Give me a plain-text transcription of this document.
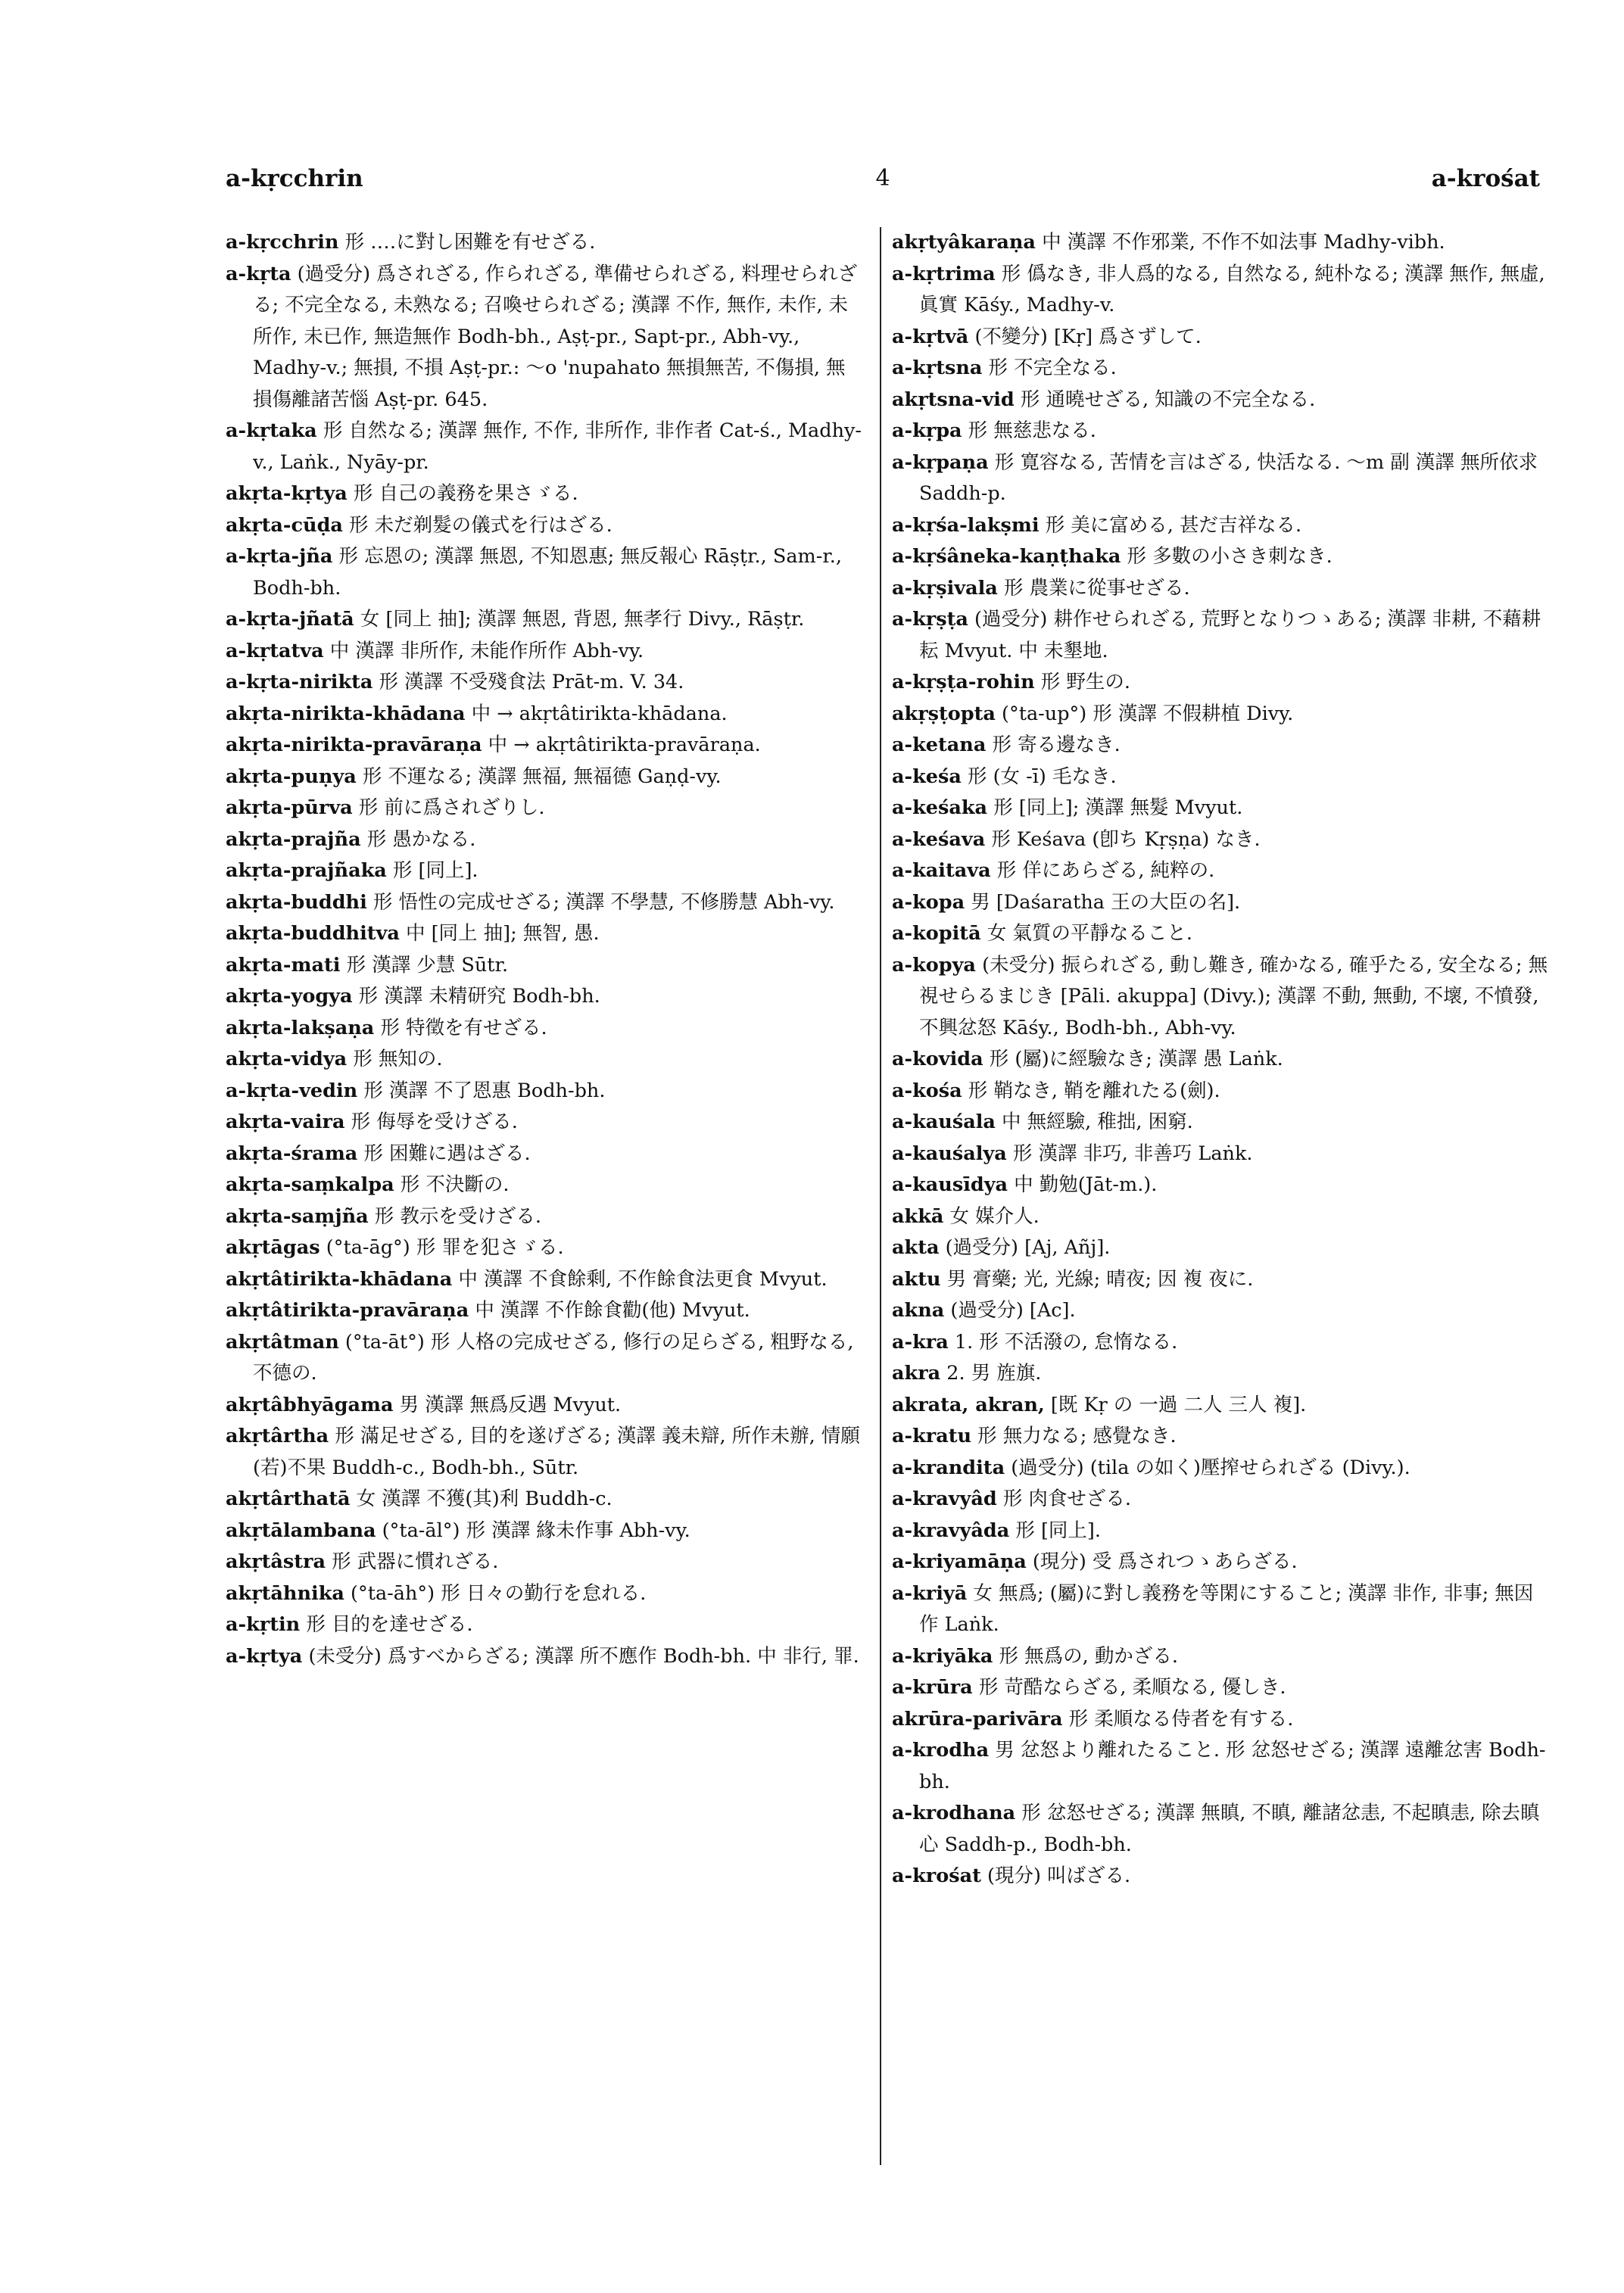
a-kṛcchrin	4	a-krośat
a-kṛcchrin 形 ‥‥に對し困難を有せざる.
a-kṛta (過受分) 爲されざる, 作られざる, 準備せられざる, 料理せられざる; 不完全なる, 未熟なる; 召喚せられざる; 漢譯 不作, 無作, 未作, 未所作, 未已作, 無造無作 Bodh-bh., Aṣṭ-pr., Sapt-pr., Abh-vy., Madhy-v.; 無損, 不損 Aṣṭ-pr.: ～o 'nupahato 無損無苦, 不傷損, 無損傷離諸苦惱 Aṣṭ-pr. 645.
a-kṛtaka 形 自然なる; 漢譯 無作, 不作, 非所作, 非作者 Cat-ś., Madhy-v., Laṅk., Nyāy-pr.
akṛta-kṛtya 形 自己の義務を果さゞる.
akṛta-cūḍa 形 未だ剃髮の儀式を行はざる.
a-kṛta-jña 形 忘恩の; 漢譯 無恩, 不知恩惠; 無反報心 Rāṣṭr., Sam-r., Bodh-bh.
a-kṛta-jñatā 女 [同上 抽]; 漢譯 無恩, 背恩, 無孝行 Divy., Rāṣṭr.
a-kṛtatva 中 漢譯 非所作, 未能作所作 Abh-vy.
a-kṛta-nirikta 形 漢譯 不受殘食法 Prāt-m. V. 34.
akṛta-nirikta-khādana 中 → akṛtâtirikta-khādana.
akṛta-nirikta-pravāraṇa 中 → akṛtâtirikta-pravāraṇa.
akṛta-puṇya 形 不運なる; 漢譯 無福, 無福德 Gaṇḍ-vy.
akṛta-pūrva 形 前に爲されざりし.
akṛta-prajña 形 愚かなる.
akṛta-prajñaka 形 [同上].
akṛta-buddhi 形 悟性の完成せざる; 漢譯 不學慧, 不修勝慧 Abh-vy.
akṛta-buddhitva 中 [同上 抽]; 無智, 愚.
akṛta-mati 形 漢譯 少慧 Sūtr.
akṛta-yogya 形 漢譯 未精研究 Bodh-bh.
akṛta-lakṣaṇa 形 特徵を有せざる.
akṛta-vidya 形 無知の.
a-kṛta-vedin 形 漢譯 不了恩惠 Bodh-bh.
akṛta-vaira 形 侮辱を受けざる.
akṛta-śrama 形 困難に遇はざる.
akṛta-saṃkalpa 形 不決斷の.
akṛta-saṃjña 形 教示を受けざる.
akṛtāgas (°ta-āg°) 形 罪を犯さゞる.
akṛtâtirikta-khādana 中 漢譯 不食餘剩, 不作餘食法更食 Mvyut.
akṛtâtirikta-pravāraṇa 中 漢譯 不作餘食勸(他) Mvyut.
akṛtâtman (°ta-āt°) 形 人格の完成せざる, 修行の足らざる, 粗野なる, 不德の.
akṛtâbhyāgama 男 漢譯 無爲反遇 Mvyut.
akṛtârtha 形 滿足せざる, 目的を遂げざる; 漢譯 義未辯, 所作未辦, 情願(若)不果 Buddh-c., Bodh-bh., Sūtr.
akṛtârthatā 女 漢譯 不獲(其)利 Buddh-c.
akṛtālambana (°ta-āl°) 形 漢譯 緣未作事 Abh-vy.
akṛtâstra 形 武器に慣れざる.
akṛtāhnika (°ta-āh°) 形 日々の勤行を怠れる.
a-kṛtin 形 目的を達せざる.
a-kṛtya (未受分) 爲すべからざる; 漢譯 所不應作 Bodh-bh. 中 非行, 罪.
akṛtyâkaraṇa 中 漢譯 不作邪業, 不作不如法事 Madhy-vibh.
a-kṛtrima 形 僞なき, 非人爲的なる, 自然なる, 純朴なる; 漢譯 無作, 無虛, 眞實 Kāśy., Madhy-v.
a-kṛtvā (不變分) [Kṛ] 爲さずして.
a-kṛtsna 形 不完全なる.
akṛtsna-vid 形 通曉せざる, 知識の不完全なる.
a-kṛpa 形 無慈悲なる.
a-kṛpaṇa 形 寛容なる, 苦情を言はざる, 快活なる. ～m 副 漢譯 無所依求 Saddh-p.
a-kṛśa-lakṣmi 形 美に富める, 甚だ吉祥なる.
a-kṛśâneka-kaṇṭhaka 形 多數の小さき刺なき.
a-kṛṣivala 形 農業に從事せざる.
a-kṛṣṭa (過受分) 耕作せられざる, 荒野となりつゝある; 漢譯 非耕, 不藉耕耘 Mvyut. 中 未墾地.
a-kṛṣṭa-rohin 形 野生の.
akṛṣṭopta (°ta-up°) 形 漢譯 不假耕植 Divy.
a-ketana 形 寄る邊なき.
a-keśa 形 (女 -ī) 毛なき.
a-keśaka 形 [同上]; 漢譯 無髮 Mvyut.
a-keśava 形 Keśava (卽ち Kṛṣṇa) なき.
a-kaitava 形 佯にあらざる, 純粹の.
a-kopa 男 [Daśaratha 王の大臣の名].
a-kopitā 女 氣質の平靜なること.
a-kopya (未受分) 振られざる, 動し難き, 確かなる, 確乎たる, 安全なる; 無視せらるまじき [Pāli. akuppa] (Divy.); 漢譯 不動, 無動, 不壞, 不憤發, 不興忿怒 Kāśy., Bodh-bh., Abh-vy.
a-kovida 形 (屬)に經驗なき; 漢譯 愚 Laṅk.
a-kośa 形 鞘なき, 鞘を離れたる(劍).
a-kauśala 中 無經驗, 稚拙, 困窮.
a-kauśalya 形 漢譯 非巧, 非善巧 Laṅk.
a-kausīdya 中 勤勉(Jāt-m.).
akkā 女 媒介人.
akta (過受分) [Aj, Añj].
aktu 男 膏藥; 光, 光線; 晴夜; 因 複 夜に.
akna (過受分) [Ac].
a-kra 1. 形 不活潑の, 怠惰なる.
akra 2. 男 旌旗.
akrata, akran, [既 Kṛ の 一過 二人 三人 複].
a-kratu 形 無力なる; 感覺なき.
a-krandita (過受分) (tila の如く)壓搾せられざる (Divy.).
a-kravyâd 形 肉食せざる.
a-kravyâda 形 [同上].
a-kriyamāṇa (現分) 受 爲されつゝあらざる.
a-kriyā 女 無爲; (屬)に對し義務を等閑にすること; 漢譯 非作, 非事; 無因作 Laṅk.
a-kriyāka 形 無爲の, 動かざる.
a-krūra 形 苛酷ならざる, 柔順なる, 優しき.
akrūra-parivāra 形 柔順なる侍者を有する.
a-krodha 男 忿怒より離れたること. 形 忿怒せざる; 漢譯 遠離忿害 Bodh-bh.
a-krodhana 形 忿怒せざる; 漢譯 無瞋, 不瞋, 離諸忿恚, 不起瞋恚, 除去瞋心 Saddh-p., Bodh-bh.
a-krośat (現分) 叫ばざる.
